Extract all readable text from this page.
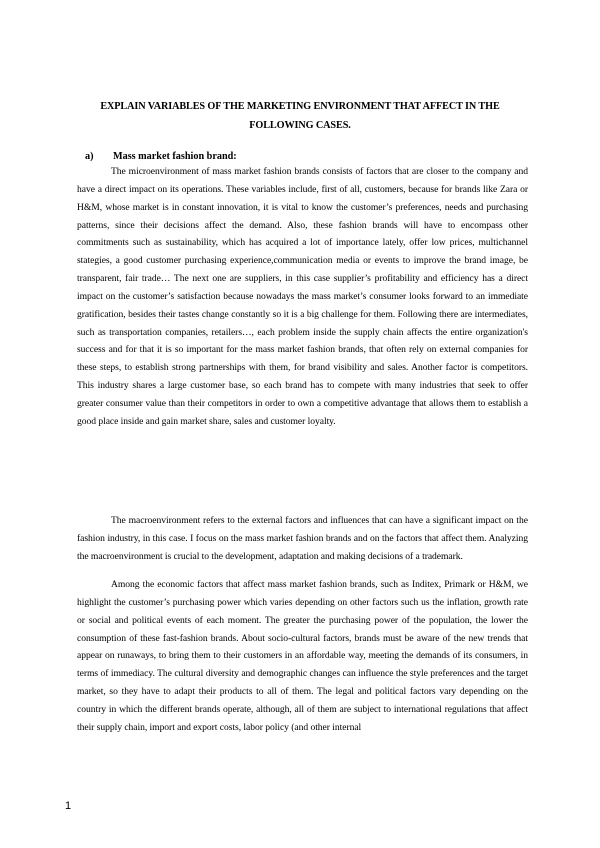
EXPLAIN VARIABLES OF THE MARKETING ENVIRONMENT THAT AFFECT IN THE FOLLOWING CASES.
a) Mass market fashion brand:

The microenvironment of mass market fashion brands consists of factors that are closer to the company and have a direct impact on its operations. These variables include, first of all, customers, because for brands like Zara or H&M, whose market is in constant innovation, it is vital to know the customer’s preferences, needs and purchasing patterns, since their decisions affect the demand. Also, these fashion brands will have to encompass other commitments such as sustainability, which has acquired a lot of importance lately, offer low prices, multichannel stategies, a good customer purchasing experience,communication media or events to improve the brand image, be transparent, fair trade… The next one are suppliers, in this case supplier’s profitability and efficiency has a direct impact on the customer’s satisfaction because nowadays the mass market’s consumer looks forward to an immediate gratification, besides their tastes change constantly so it is a big challenge for them. Following there are intermediates, such as transportation companies, retailers…, each problem inside the supply chain affects the entire organization's success and for that it is so important for the mass market fashion brands, that often rely on external companies for these steps, to establish strong partnerships with them, for brand visibility and sales. Another factor is competitors. This industry shares a large customer base, so each brand has to compete with many industries that seek to offer greater consumer value than their competitors in order to own a competitive advantage that allows them to establish a good place inside and gain market share, sales and customer loyalty.

The macroenvironment refers to the external factors and influences that can have a significant impact on the fashion industry, in this case. I focus on the mass market fashion brands and on the factors that affect them. Analyzing the macroenvironment is crucial to the development, adaptation and making decisions of a trademark.

Among the economic factors that affect mass market fashion brands, such as Inditex, Primark or H&M, we highlight the customer’s purchasing power which varies depending on other factors such us the inflation, growth rate or social and political events of each moment. The greater the purchasing power of the population, the lower the consumption of these fast-fashion brands. About socio-cultural factors, brands must be aware of the new trends that appear on runaways, to bring them to their customers in an affordable way, meeting the demands of its consumers, in terms of immediacy. The cultural diversity and demographic changes can influence the style preferences and the target market, so they have to adapt their products to all of them. The legal and political factors vary depending on the country in which the different brands operate, although, all of them are subject to international regulations that affect their supply chain, import and export costs, labor policy (and other internal

1
